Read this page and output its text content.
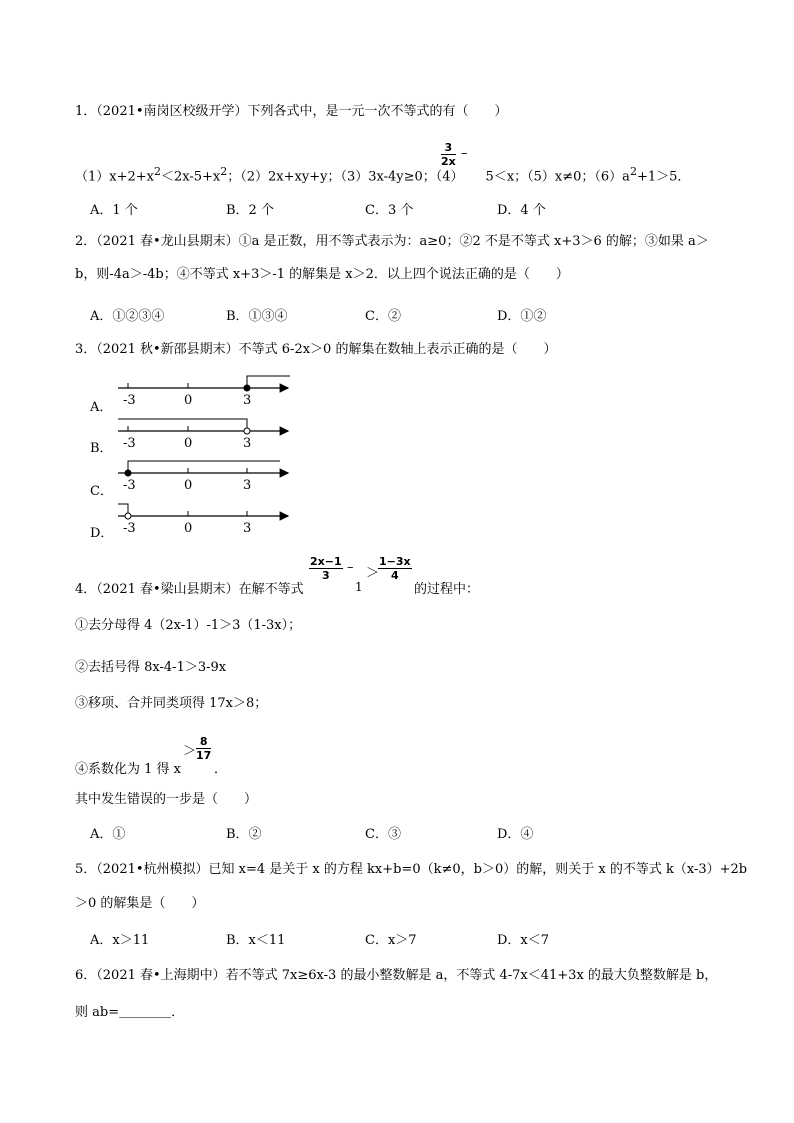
1．（2021•南岗区校级开学）下列各式中，是一元一次不等式的有（　　）
$\frac{3}{2x}$ –
$(1)x+2+x^2<2x-5+x^2$；（2）2x+xy+y；（3）3x-4y≥0；（4） 5＜x；（5）x≠0；$(6)a^2+1>5$．
A．1 个	B．2 个	C．3 个	D．4 个
2．（2021 春•龙山县期末）①a 是正数，用不等式表示为：a≥0；②2 不是不等式 x+3＞6 的解；③如果 a＞
b，则-4a＞-4b；④不等式 x+3＞-1 的解集是 x＞2．以上四个说法正确的是（　　）
A．①②③④	B．①③④	C．②	D．①②
3．（2021 秋•新邵县期末）不等式 6-2x＞0 的解集在数轴上表示正确的是（　　）
A．
B．
C．
D．
-3	0	3
-3	0	3
-3	0	3
-3	0	3
4．（2021 春•梁山县期末）在解不等式
$\frac{2x-1}{3}$ –
1
＞
$\frac{1-3x}{4}$
的过程中：
①去分母得 4（2x-1）-1＞3（1-3x）；
②去括号得 8x-4-1＞3-9x
③移项、合并同类项得 17x＞8；
④系数化为 1 得 x
＞ $\frac{8}{17}$
．
其中发生错误的一步是（　　）
A．①	B．②	C．③	D．④
5．（2021•杭州模拟）已知 x=4 是关于 x 的方程 kx+b=0（k≠0，b＞0）的解，则关于 x 的不等式 k（x-3）+2b
＞0 的解集是（　　）
A．x＞11	B．x＜11	C．x＞7	D．x＜7
6．（2021 春•上海期中）若不等式 7x≥6x-3 的最小整数解是 a，不等式 4-7x＜41+3x 的最大负整数解是 b，
则 ab=＿＿＿＿．
